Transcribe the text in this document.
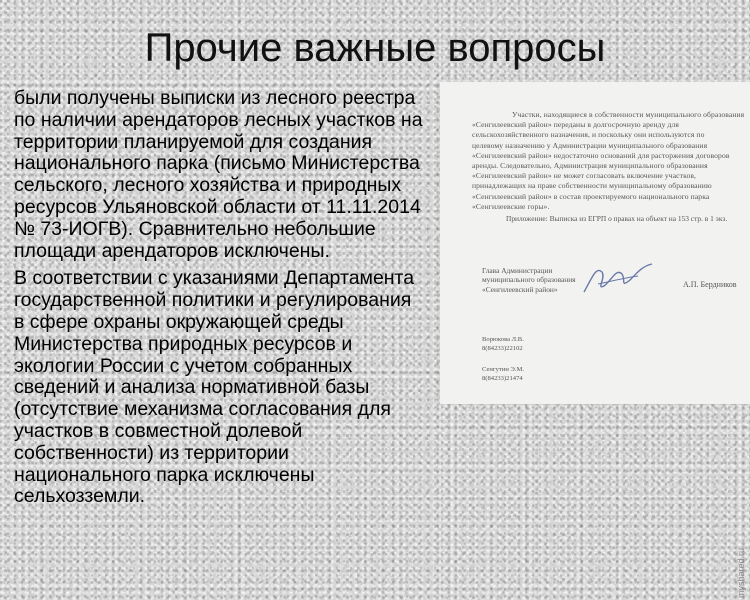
Прочие важные вопросы

были получены выписки из лесного реестра по наличии арендаторов лесных участков на территории планируемой для создания национального парка (письмо Министерства сельского, лесного хозяйства и природных ресурсов Ульяновской области от 11.11.2014 № 73-ИОГВ). Сравнительно небольшие площади арендаторов исключены.

В соответствии с указаниями Департамента государственной политики и регулирования в сфере охраны окружающей среды Министерства природных ресурсов и экологии России с учетом собранных сведений и анализа нормативной базы (отсутствие механизма согласования для участков в совместной долевой собственности) из территории национального парка исключены сельхозземли.

Участки, находящиеся в собственности муниципального образования
«Сенгилеевский район» переданы в долгосрочную аренду для
сельскохозяйственного назначения, и поскольку они используются по
целевому назначению у Администрации муниципального образования
«Сенгилеевский район» недостаточно оснований для расторжения договоров
аренды. Следовательно, Администрация муниципального образования
«Сенгилеевский район» не может согласовать включение участков,
принадлежащих на праве собственности муниципальному образованию
«Сенгилеевский район» в состав проектируемого национального парка
«Сенгилеевские горы».
Приложение: Выписка из ЕГРП о правах на объект на 153 стр. в 1 экз.
Глава Администрации
муниципального образования
«Сенгилеевский район»
А.П. Бердников
Ворюкова Л.В.
8(84233)22102
Сенгутин Э.М.
8(84233)21474
myshared.ru
